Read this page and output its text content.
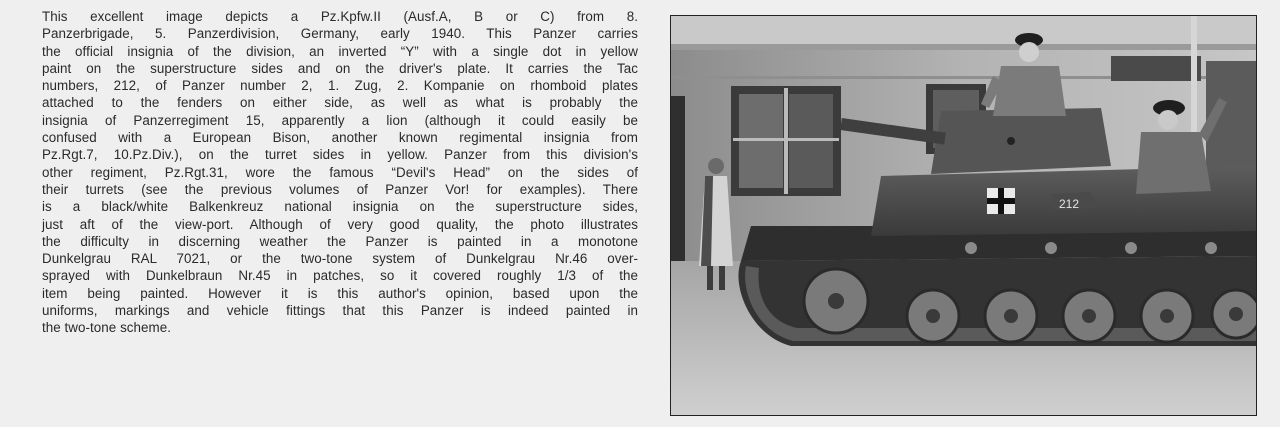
This excellent image depicts a Pz.Kpfw.II (Ausf.A, B or C) from 8.
Panzerbrigade, 5. Panzerdivision, Germany, early 1940. This Panzer carries
the official insignia of the division, an inverted “Y” with a single dot in yellow
paint on the superstructure sides and on the driver's plate. It carries the Tac
numbers, 212, of Panzer number 2, 1. Zug, 2. Kompanie on rhomboid plates
attached to the fenders on either side, as well as what is probably the
insignia of Panzerregiment 15, apparently a lion (although it could easily be
confused with a European Bison, another known regimental insignia from
Pz.Rgt.7, 10.Pz.Div.), on the turret sides in yellow. Panzer from this division's
other regiment, Pz.Rgt.31, wore the famous “Devil's Head” on the sides of
their turrets (see the previous volumes of Panzer Vor! for examples). There
is a black/white Balkenkreuz national insignia on the superstructure sides,
just aft of the view-port. Although of very good quality, the photo illustrates
the difficulty in discerning weather the Panzer is painted in a monotone
Dunkelgrau RAL 7021, or the two-tone system of Dunkelgrau Nr.46 over-
sprayed with Dunkelbraun Nr.45 in patches, so it covered roughly 1/3 of the
item being painted. However it is this author's opinion, based upon the
uniforms, markings and vehicle fittings that this Panzer is indeed painted in
the two-tone scheme.
212
